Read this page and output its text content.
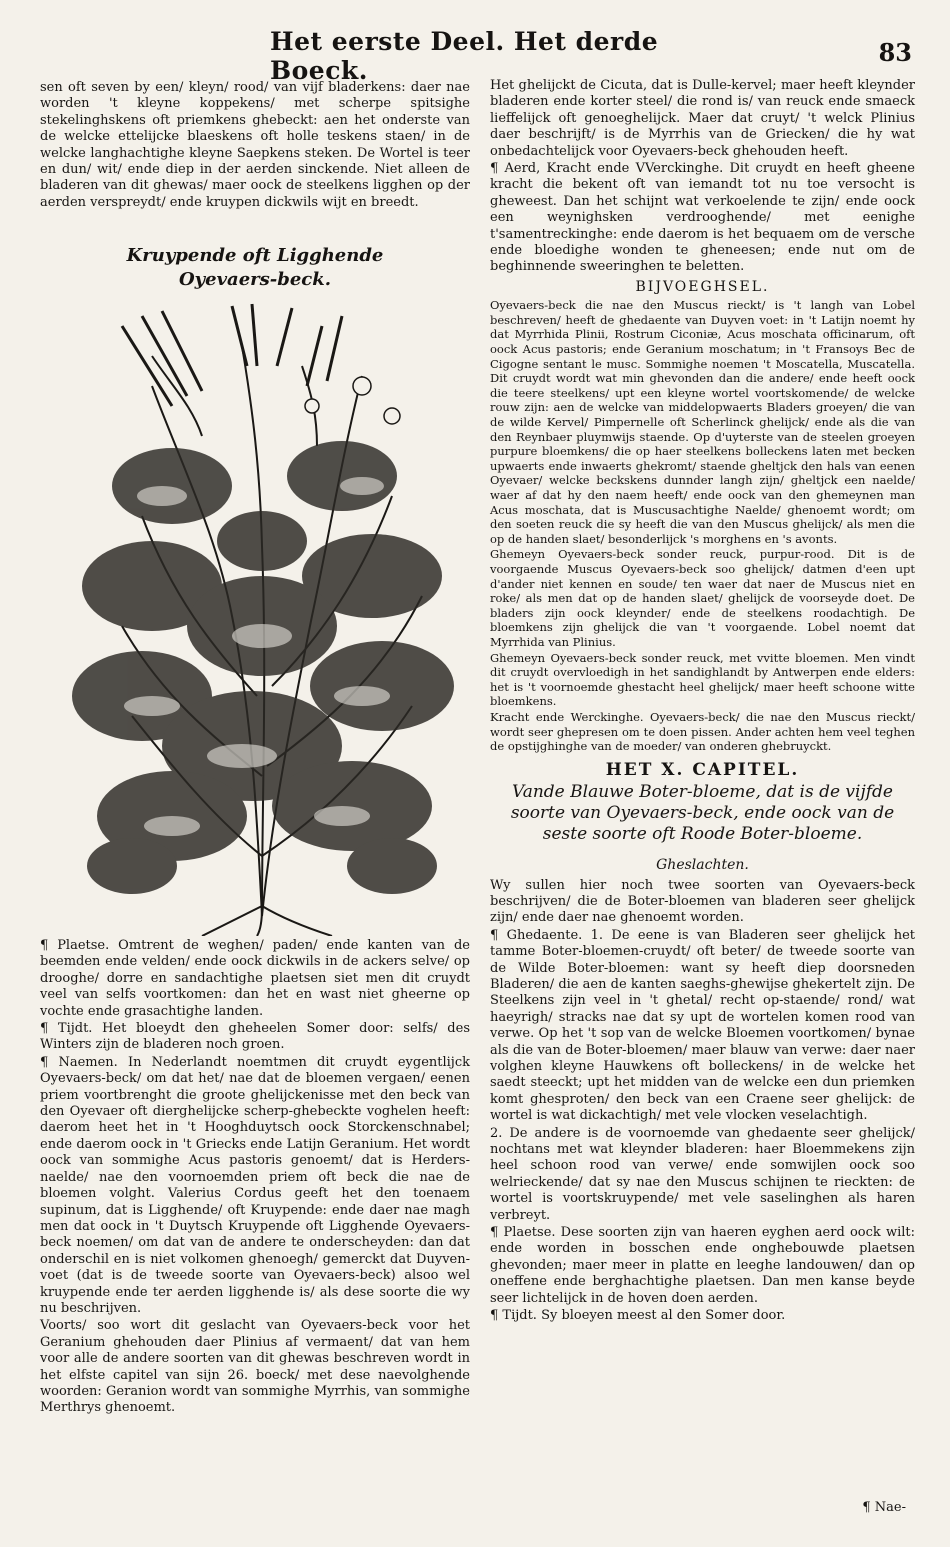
Het eerste Deel. Het derde Boeck.
83

sen oft seven by een/ kleyn/ rood/ van vijf bladerkens: daer nae worden 't kleyne koppekens/ met scherpe spitsighe stekelinghskens oft priemkens ghebeckt: aen het onderste van de welcke ettelijcke blaeskens oft holle teskens staen/ in de welcke langhachtighe kleyne Saepkens steken. De Wortel is teer en dun/ wit/ ende diep in der aerden sinckende. Niet alleen de bladeren van dit ghewas/ maer oock de steelkens ligghen op der aerden verspreydt/ ende kruypen dickwils wijt en breedt.

Kruypende oft Ligghende Oyevaers-beck.

¶ Plaetse. Omtrent de weghen/ paden/ ende kanten van de beemden ende velden/ ende oock dickwils in de ackers selve/ op drooghe/ dorre en sandachtighe plaetsen siet men dit cruydt veel van selfs voortkomen: dan het en wast niet gheerne op vochte ende grasachtighe landen.

¶ Tijdt. Het bloeydt den gheheelen Somer door: selfs/ des Winters zijn de bladeren noch groen.

¶ Naemen. In Nederlandt noemtmen dit cruydt eygentlijck Oyevaers-beck/ om dat het/ nae dat de bloemen vergaen/ eenen priem voortbrenght die groote ghelijckenisse met den beck van den Oyevaer oft dierghelijcke scherp-ghebeckte voghelen heeft: daerom heet het in 't Hooghduytsch oock Storckenschnabel; ende daerom oock in 't Griecks ende Latijn Geranium. Het wordt oock van sommighe Acus pastoris genoemt/ dat is Herders-naelde/ nae den voornoemden priem oft beck die nae de bloemen volght. Valerius Cordus geeft het den toenaem supinum, dat is Ligghende/ oft Kruypende: ende daer nae magh men dat oock in 't Duytsch Kruypende oft Ligghende Oyevaers-beck noemen/ om dat van de andere te onderscheyden: dan dat onderschil en is niet volkomen ghenoegh/ gemerckt dat Duyven-voet (dat is de tweede soorte van Oyevaers-beck) alsoo wel kruypende ende ter aerden ligghende is/ als dese soorte die wy nu beschrijven.

Voorts/ soo wort dit geslacht van Oyevaers-beck voor het Geranium ghehouden daer Plinius af vermaent/ dat van hem voor alle de andere soorten van dit ghewas beschreven wordt in het elfste capitel van sijn 26. boeck/ met dese naevolghende woorden: Geranion wordt van sommighe Myrrhis, van sommighe Merthrys ghenoemt.

Het ghelijckt de Cicuta, dat is Dulle-kervel; maer heeft kleynder bladeren ende korter steel/ die rond is/ van reuck ende smaeck lieffelijck oft genoeghelijck. Maer dat cruyt/ 't welck Plinius daer beschrijft/ is de Myrrhis van de Griecken/ die hy wat onbedachtelijck voor Oyevaers-beck ghehouden heeft.

¶ Aerd, Kracht ende VVerckinghe. Dit cruydt en heeft gheene kracht die bekent oft van iemandt tot nu toe versocht is gheweest. Dan het schijnt wat verkoelende te zijn/ ende oock een weynighsken verdrooghende/ met eenighe t'samentreckinghe: ende daerom is het bequaem om de versche ende bloedighe wonden te gheneesen; ende nut om de beghinnende sweeringhen te beletten.

BIJVOEGHSEL.

Oyevaers-beck die nae den Muscus rieckt/ is 't langh van Lobel beschreven/ heeft de ghedaente van Duyven voet: in 't Latijn noemt hy dat Myrrhida Plinii, Rostrum Ciconiæ, Acus moschata officinarum, oft oock Acus pastoris; ende Geranium moschatum; in 't Fransoys Bec de Cigogne sentant le musc. Sommighe noemen 't Moscatella, Muscatella. Dit cruydt wordt wat min ghevonden dan die andere/ ende heeft oock die teere steelkens/ upt een kleyne wortel voortskomende/ de welcke rouw zijn: aen de welcke van middelopwaerts Bladers groeyen/ die van de wilde Kervel/ Pimpernelle oft Scherlinck ghelijck/ ende als die van den Reynbaer pluymwijs staende. Op d'uyterste van de steelen groeyen purpure bloemkens/ die op haer steelkens bolleckens laten met becken upwaerts ende inwaerts ghekromt/ staende gheltjck den hals van eenen Oyevaer/ welcke beckskens dunnder langh zijn/ gheltjck een naelde/ waer af dat hy den naem heeft/ ende oock van den ghemeynen man Acus moschata, dat is Muscusachtighe Naelde/ ghenoemt wordt; om den soeten reuck die sy heeft die van den Muscus ghelijck/ als men die op de handen slaet/ besonderlijck 's morghens en 's avonts.

Ghemeyn Oyevaers-beck sonder reuck, purpur-rood. Dit is de voorgaende Muscus Oyevaers-beck soo ghelijck/ datmen d'een upt d'ander niet kennen en soude/ ten waer dat naer de Muscus niet en roke/ als men dat op de handen slaet/ ghelijck de voorseyde doet. De bladers zijn oock kleynder/ ende de steelkens roodachtigh. De bloemkens zijn ghelijck die van 't voorgaende. Lobel noemt dat Myrrhida van Plinius.

Ghemeyn Oyevaers-beck sonder reuck, met vvitte bloemen. Men vindt dit cruydt overvloedigh in het sandighlandt by Antwerpen ende elders: het is 't voornoemde ghestacht heel ghelijck/ maer heeft schoone witte bloemkens.

Kracht ende Werckinghe. Oyevaers-beck/ die nae den Muscus rieckt/ wordt seer ghepresen om te doen pissen. Ander achten hem veel teghen de opstijghinghe van de moeder/ van onderen ghebruyckt.

HET X. CAPITEL.
Vande Blauwe Boter-bloeme, dat is de vijfde soorte van Oyevaers-beck, ende oock van de seste soorte oft Roode Boter-bloeme.
Gheslachten.

Wy sullen hier noch twee soorten van Oyevaers-beck beschrijven/ die de Boter-bloemen van bladeren seer ghelijck zijn/ ende daer nae ghenoemt worden.

¶ Ghedaente. 1. De eene is van Bladeren seer ghelijck het tamme Boter-bloemen-cruydt/ oft beter/ de tweede soorte van de Wilde Boter-bloemen: want sy heeft diep doorsneden Bladeren/ die aen de kanten saeghs-ghewijse ghekertelt zijn. De Steelkens zijn veel in 't ghetal/ recht op-staende/ rond/ wat haeyrigh/ stracks nae dat sy upt de wortelen komen rood van verwe. Op het 't sop van de welcke Bloemen voortkomen/ bynae als die van de Boter-bloemen/ maer blauw van verwe: daer naer volghen kleyne Hauwkens oft bolleckens/ in de welcke het saedt steeckt; upt het midden van de welcke een dun priemken komt ghesproten/ den beck van een Craene seer ghelijck: de wortel is wat dickachtigh/ met vele vlocken veselachtigh.

2. De andere is de voornoemde van ghedaente seer ghelijck/ nochtans met wat kleynder bladeren: haer Bloemmekens zijn heel schoon rood van verwe/ ende somwijlen oock soo welrieckende/ dat sy nae den Muscus schijnen te rieckten: de wortel is voortskruypende/ met vele saselinghen als haren verbreyt.

¶ Plaetse. Dese soorten zijn van haeren eyghen aerd oock wilt: ende worden in bosschen ende onghebouwde plaetsen ghevonden; maer meer in platte en leeghe landouwen/ dan op oneffene ende berghachtighe plaetsen. Dan men kanse beyde seer lichtelijck in de hoven doen aerden.

¶ Tijdt. Sy bloeyen meest al den Somer door.

¶ Nae-
